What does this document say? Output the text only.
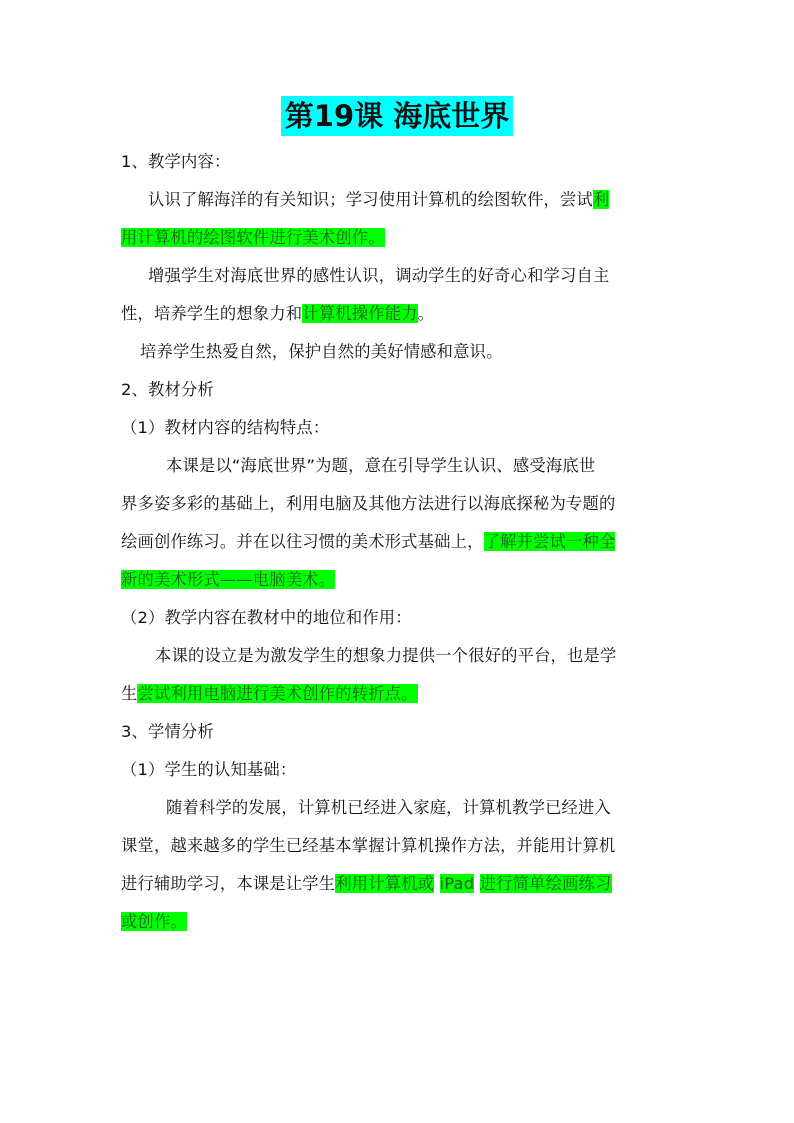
第19课 海底世界
1、教学内容：
认识了解海洋的有关知识；学习使用计算机的绘图软件，尝试利
用计算机的绘图软件进行美术创作。
增强学生对海底世界的感性认识，调动学生的好奇心和学习自主
性，培养学生的想象力和计算机操作能力。
培养学生热爱自然，保护自然的美好情感和意识。
2、教材分析
（1）教材内容的结构特点：
本课是以“海底世界”为题，意在引导学生认识、感受海底世
界多姿多彩的基础上，利用电脑及其他方法进行以海底探秘为专题的
绘画创作练习。并在以往习惯的美术形式基础上，了解并尝试一种全
新的美术形式——电脑美术。
（2）教学内容在教材中的地位和作用：
本课的设立是为激发学生的想象力提供一个很好的平台，也是学
生尝试利用电脑进行美术创作的转折点。
3、学情分析
（1）学生的认知基础：
随着科学的发展，计算机已经进入家庭，计算机教学已经进入
课堂，越来越多的学生已经基本掌握计算机操作方法，并能用计算机
进行辅助学习，本课是让学生利用计算机或 iPad 进行简单绘画练习
或创作。
